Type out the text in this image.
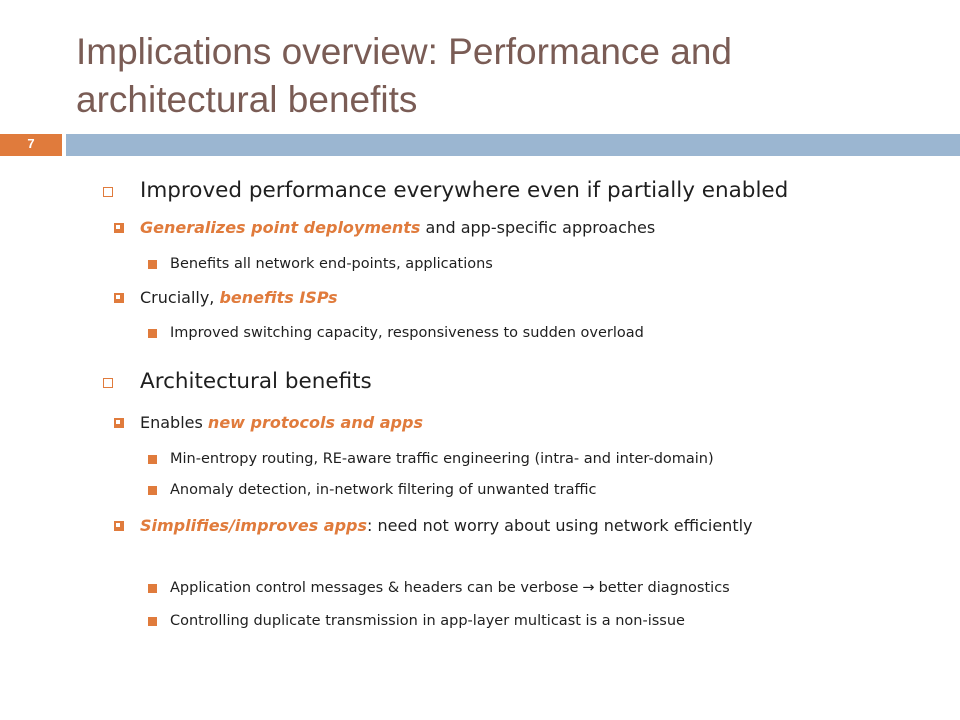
Implications overview: Performance and architectural benefits
7
Improved performance everywhere even if partially enabled
Generalizes point deployments and app-specific approaches
Benefits all network end-points, applications
Crucially, benefits ISPs
Improved switching capacity, responsiveness to sudden overload
Architectural benefits
Enables new protocols and apps
Min-entropy routing, RE-aware traffic engineering (intra- and inter-domain)
Anomaly detection, in-network filtering of unwanted traffic
Simplifies/improves apps: need not worry about using network efficiently
Application control messages & headers can be verbose → better diagnostics
Controlling duplicate transmission in app-layer multicast is a non-issue
